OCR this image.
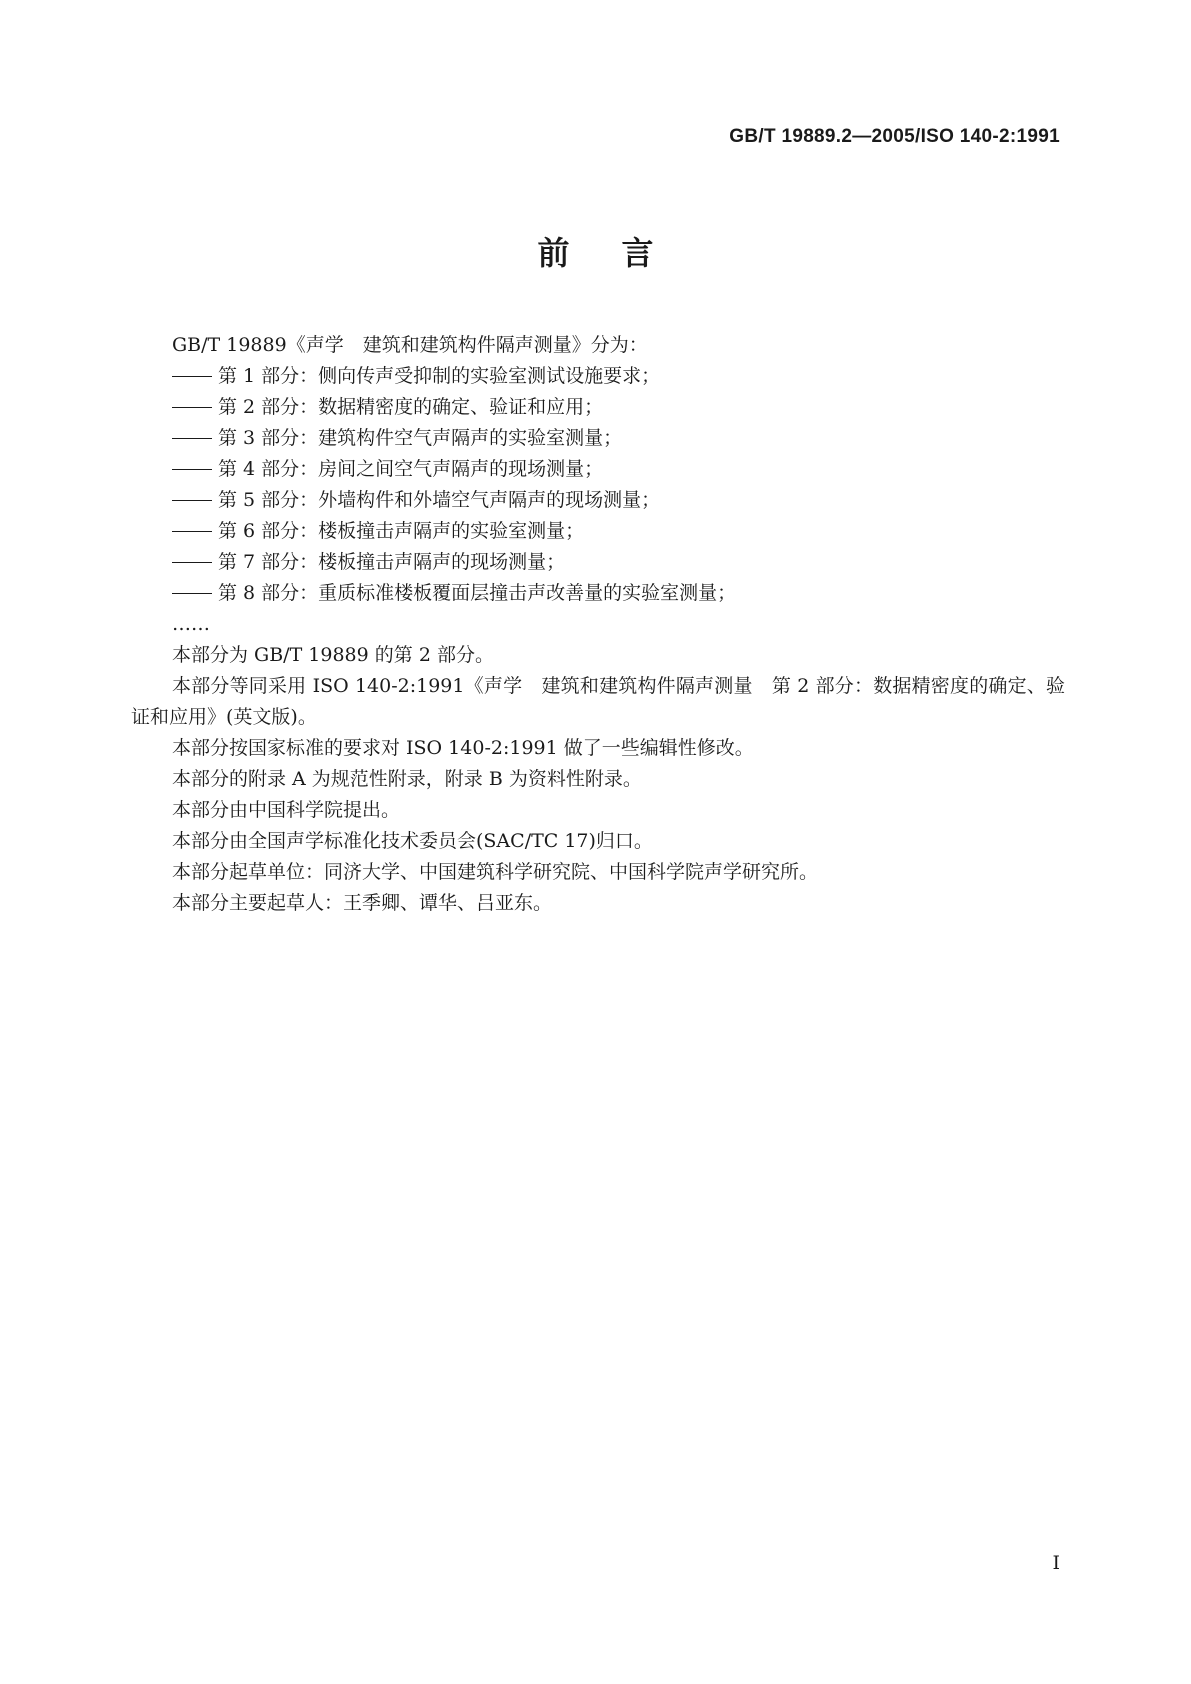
GB/T 19889.2—2005/ISO 140-2:1991
前言
GB/T 19889《声学　建筑和建筑构件隔声测量》分为：
第 1 部分：侧向传声受抑制的实验室测试设施要求；
第 2 部分：数据精密度的确定、验证和应用；
第 3 部分：建筑构件空气声隔声的实验室测量；
第 4 部分：房间之间空气声隔声的现场测量；
第 5 部分：外墙构件和外墙空气声隔声的现场测量；
第 6 部分：楼板撞击声隔声的实验室测量；
第 7 部分：楼板撞击声隔声的现场测量；
第 8 部分：重质标准楼板覆面层撞击声改善量的实验室测量；
……
本部分为 GB/T 19889 的第 2 部分。
本部分等同采用 ISO 140-2:1991《声学　建筑和建筑构件隔声测量　第 2 部分：数据精密度的确定、验证和应用》(英文版)。
本部分按国家标准的要求对 ISO 140-2:1991 做了一些编辑性修改。
本部分的附录 A 为规范性附录，附录 B 为资料性附录。
本部分由中国科学院提出。
本部分由全国声学标准化技术委员会(SAC/TC 17)归口。
本部分起草单位：同济大学、中国建筑科学研究院、中国科学院声学研究所。
本部分主要起草人：王季卿、谭华、吕亚东。
I
